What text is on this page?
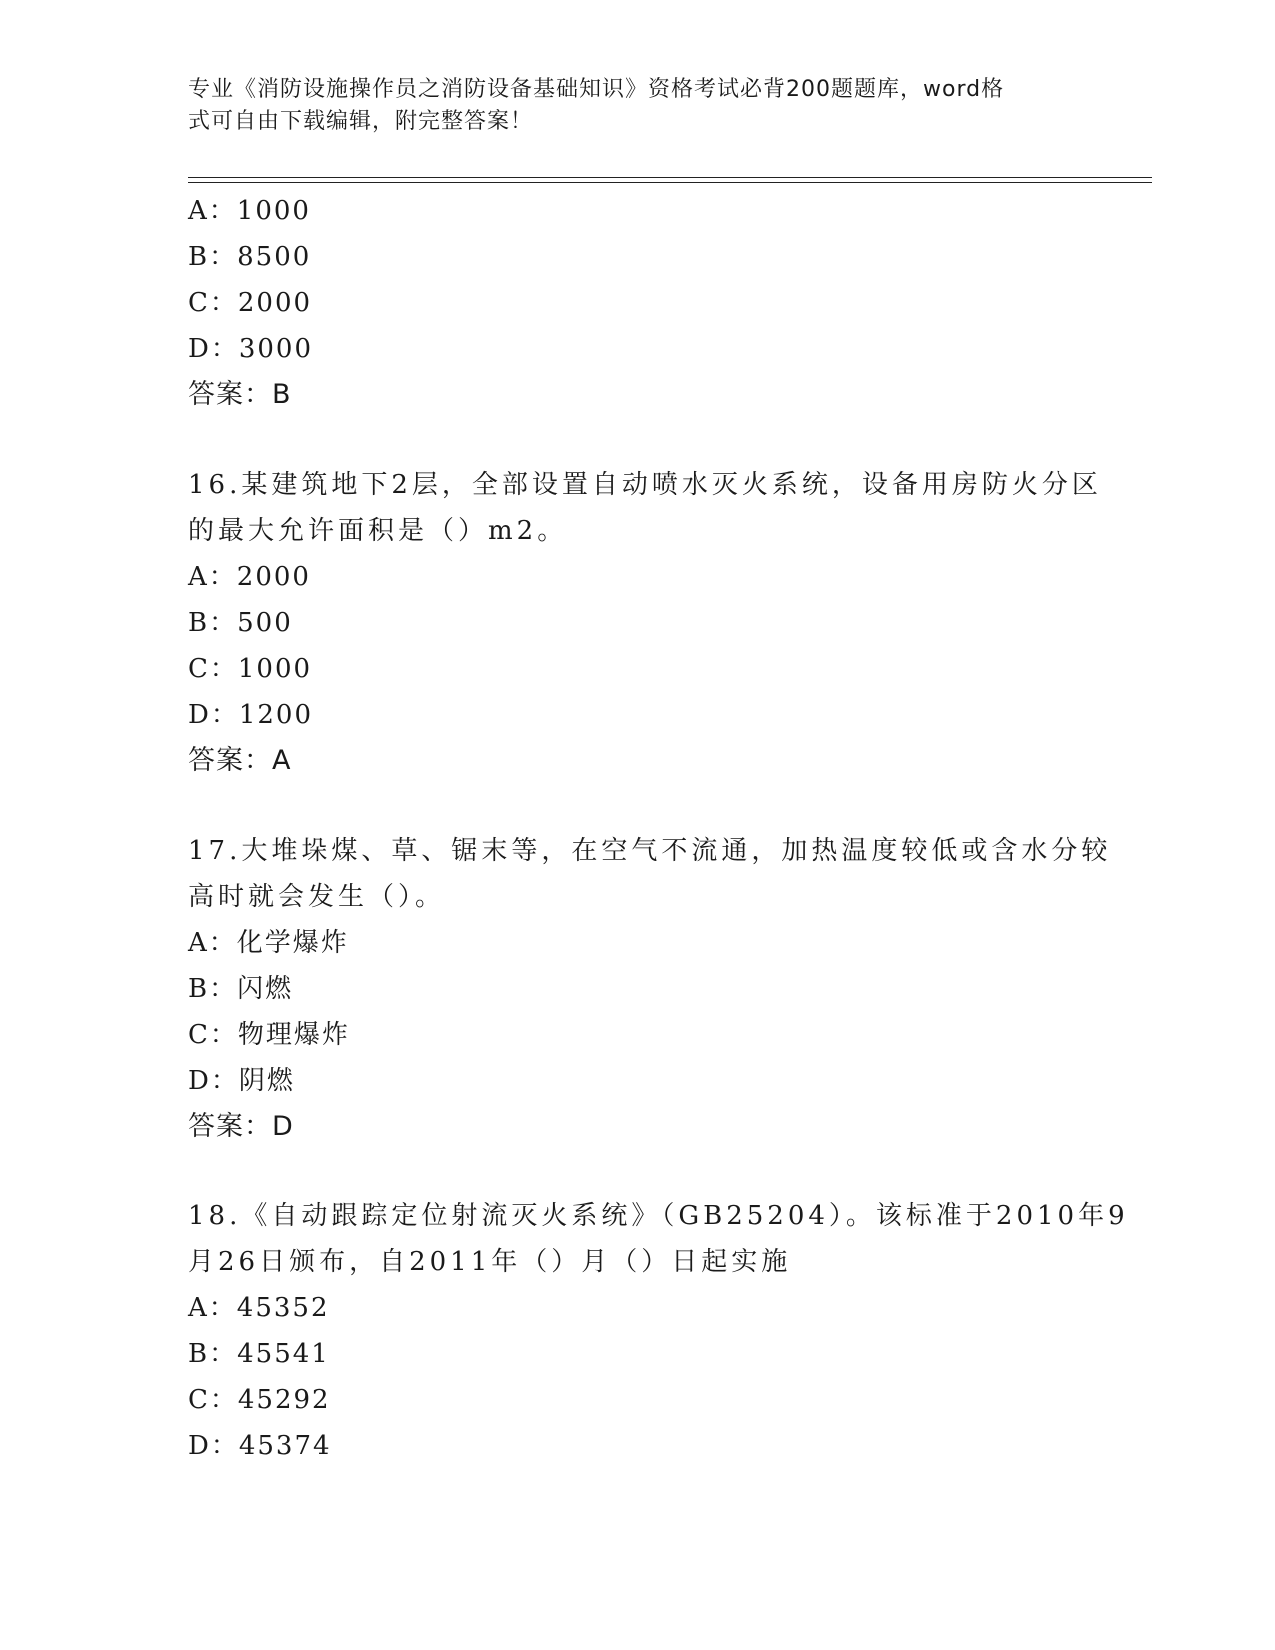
专业《消防设施操作员之消防设备基础知识》资格考试必背200题题库，word格
式可自由下载编辑，附完整答案！
A：1000
B：8500
C：2000
D：3000
答案：B
16.某建筑地下2层，全部设置自动喷水灭火系统，设备用房防火分区
的最大允许面积是（）m2。
A：2000
B：500
C：1000
D：1200
答案：A
17.大堆垛煤、草、锯末等，在空气不流通，加热温度较低或含水分较
高时就会发生（）。
A：化学爆炸
B：闪燃
C：物理爆炸
D：阴燃
答案：D
18.《自动跟踪定位射流灭火系统》（GB25204）。该标准于2010年9
月26日颁布，自2011年（）月（）日起实施
A：45352
B：45541
C：45292
D：45374
